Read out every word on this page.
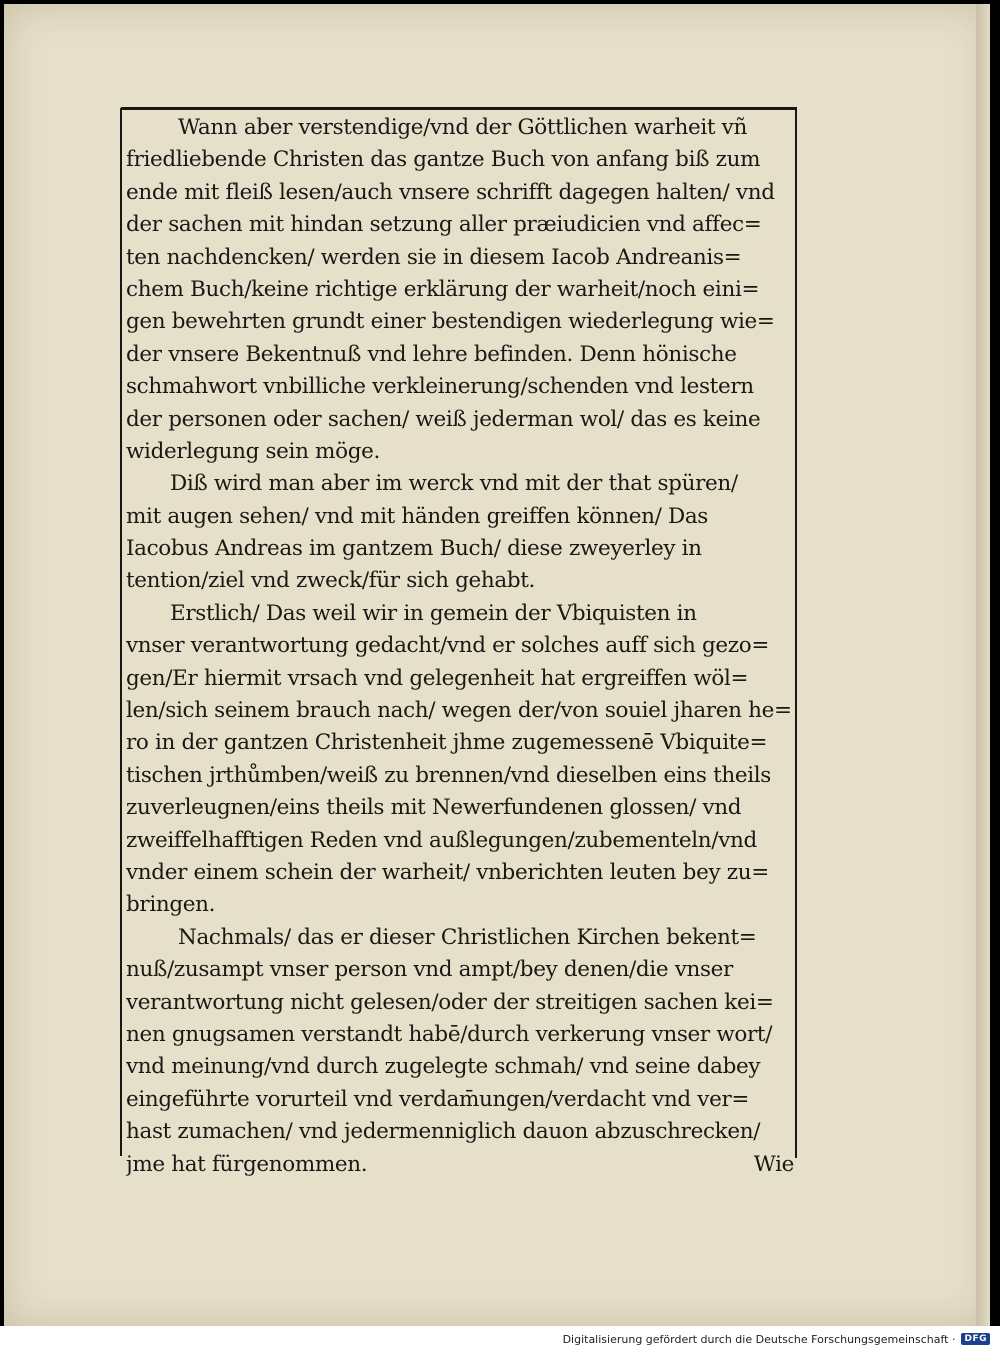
Wann aber verstendige/vnd der Göttlichen warheit vñ
friedliebende Christen das gantze Buch von anfang biß zum
ende mit fleiß lesen/auch vnsere schrifft dagegen halten/ vnd
der sachen mit hindan setzung aller præiudicien vnd affec=
ten nachdencken/ werden sie in diesem Iacob Andreanis=
chem Buch/keine richtige erklärung der warheit/noch eini=
gen bewehrten grundt einer bestendigen wiederlegung wie=
der vnsere Bekentnuß vnd lehre befinden. Denn hönische
schmahwort vnbilliche verkleinerung/schenden vnd lestern
der personen oder sachen/ weiß jederman wol/ das es keine
widerlegung sein möge.
Diß wird man aber im werck vnd mit der that spüren/
mit augen sehen/ vnd mit händen greiffen können/ Das
Iacobus Andreas im gantzem Buch/ diese zweyerley in
tention/ziel vnd zweck/für sich gehabt.
Erstlich/ Das weil wir in gemein der Vbiquisten in
vnser verantwortung gedacht/vnd er solches auff sich gezo=
gen/Er hiermit vrsach vnd gelegenheit hat ergreiffen wöl=
len/sich seinem brauch nach/ wegen der/von souiel jharen he=
ro in der gantzen Christenheit jhme zugemessenē Vbiquite=
tischen jrthůmben/weiß zu brennen/vnd dieselben eins theils
zuverleugnen/eins theils mit Newerfundenen glossen/ vnd
zweiffelhafftigen Reden vnd außlegungen/zubementeln/vnd
vnder einem schein der warheit/ vnberichten leuten bey zu=
bringen.
Nachmals/ das er dieser Christlichen Kirchen bekent=
nuß/zusampt vnser person vnd ampt/bey denen/die vnser
verantwortung nicht gelesen/oder der streitigen sachen kei=
nen gnugsamen verstandt habē/durch verkerung vnser wort/
vnd meinung/vnd durch zugelegte schmah/ vnd seine dabey
eingeführte vorurteil vnd verdam̄ungen/verdacht vnd ver=
hast zumachen/ vnd jedermenniglich dauon abzuschrecken/
jme hat fürgenommen.	Wie
Digitalisierung gefördert durch die Deutsche Forschungsgemeinschaft ·	DFG
